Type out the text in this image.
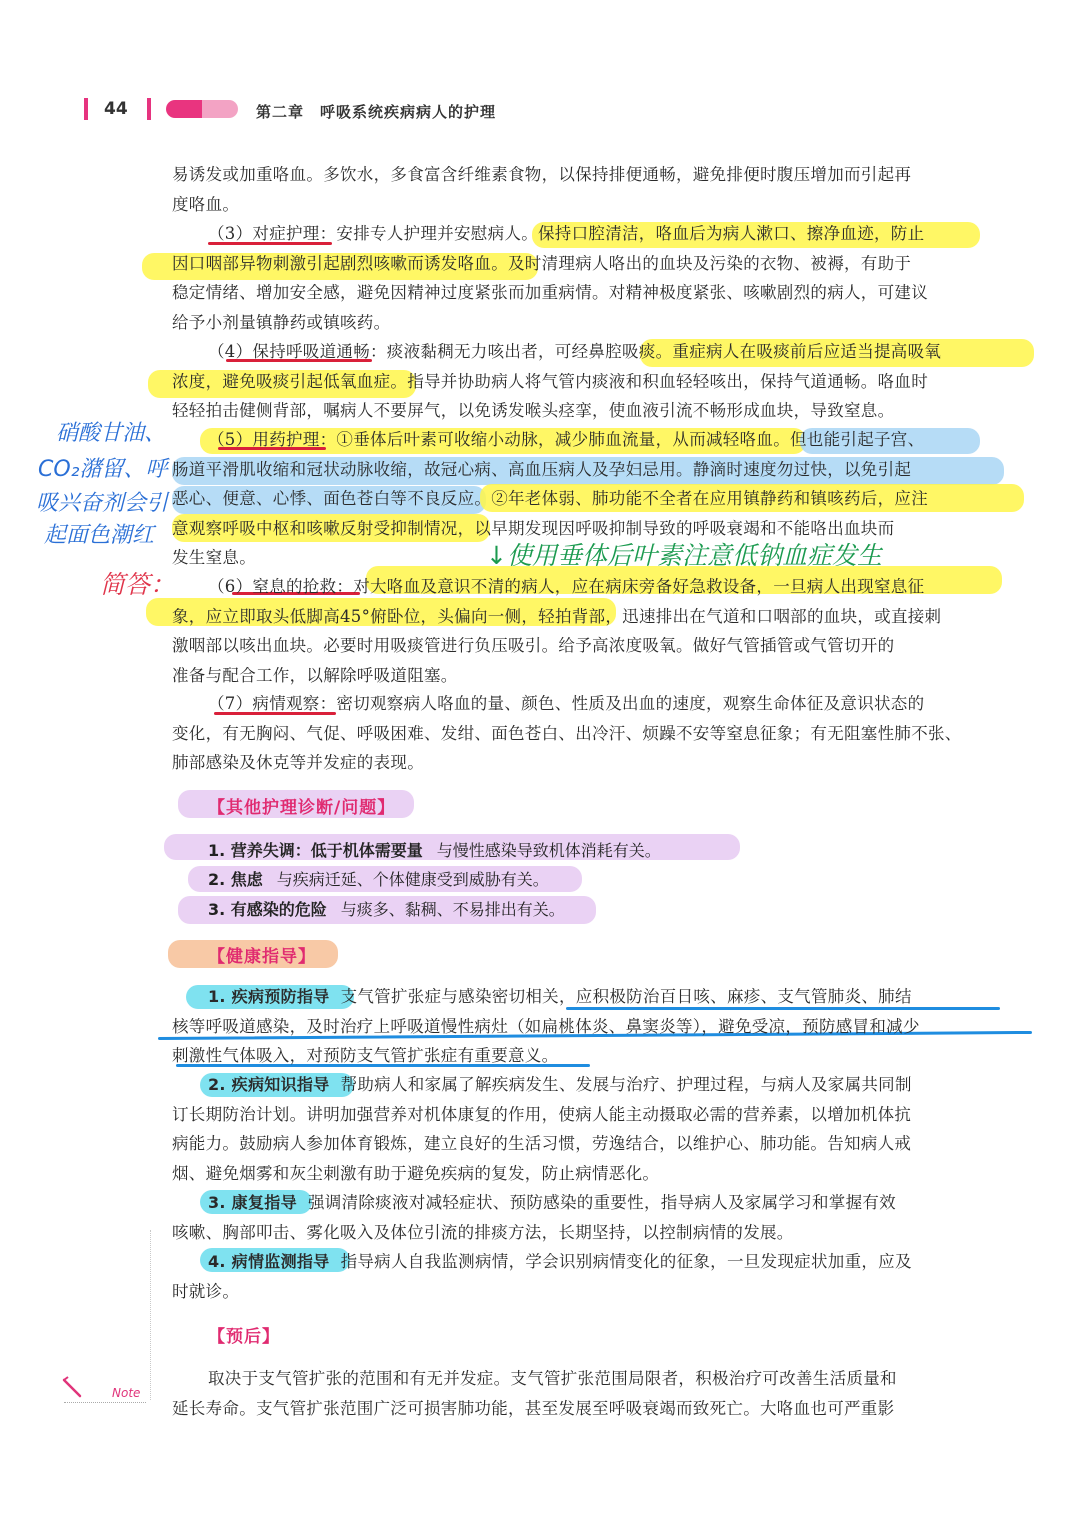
44	第二章　呼吸系统疾病病人的护理
易诱发或加重咯血。多饮水，多食富含纤维素食物，以保持排便通畅，避免排便时腹压增加而引起再
度咯血。
（3）对症护理：安排专人护理并安慰病人。保持口腔清洁，咯血后为病人漱口、擦净血迹，防止
因口咽部异物刺激引起剧烈咳嗽而诱发咯血。及时清理病人咯出的血块及污染的衣物、被褥，有助于
稳定情绪、增加安全感，避免因精神过度紧张而加重病情。对精神极度紧张、咳嗽剧烈的病人，可建议
给予小剂量镇静药或镇咳药。
（4）保持呼吸道通畅：痰液黏稠无力咳出者，可经鼻腔吸痰。重症病人在吸痰前后应适当提高吸氧
浓度，避免吸痰引起低氧血症。指导并协助病人将气管内痰液和积血轻轻咳出，保持气道通畅。咯血时
轻轻拍击健侧背部，嘱病人不要屏气，以免诱发喉头痉挛，使血液引流不畅形成血块，导致窒息。
（5）用药护理：①垂体后叶素可收缩小动脉，减少肺血流量，从而减轻咯血。但也能引起子宫、
肠道平滑肌收缩和冠状动脉收缩，故冠心病、高血压病人及孕妇忌用。静滴时速度勿过快，以免引起
恶心、便意、心悸、面色苍白等不良反应。②年老体弱、肺功能不全者在应用镇静药和镇咳药后，应注
意观察呼吸中枢和咳嗽反射受抑制情况，以早期发现因呼吸抑制导致的呼吸衰竭和不能咯出血块而
发生窒息。
（6）窒息的抢救：对大咯血及意识不清的病人，应在病床旁备好急救设备，一旦病人出现窒息征
象，应立即取头低脚高45°俯卧位，头偏向一侧，轻拍背部，迅速排出在气道和口咽部的血块，或直接刺
激咽部以咳出血块。必要时用吸痰管进行负压吸引。给予高浓度吸氧。做好气管插管或气管切开的
准备与配合工作，以解除呼吸道阻塞。
（7）病情观察：密切观察病人咯血的量、颜色、性质及出血的速度，观察生命体征及意识状态的
变化，有无胸闷、气促、呼吸困难、发绀、面色苍白、出冷汗、烦躁不安等窒息征象；有无阻塞性肺不张、
肺部感染及休克等并发症的表现。
【其他护理诊断/问题】
1. 营养失调：低于机体需要量 与慢性感染导致机体消耗有关。
2. 焦虑 与疾病迁延、个体健康受到威胁有关。
3. 有感染的危险 与痰多、黏稠、不易排出有关。
【健康指导】
1. 疾病预防指导 支气管扩张症与感染密切相关，应积极防治百日咳、麻疹、支气管肺炎、肺结
核等呼吸道感染，及时治疗上呼吸道慢性病灶（如扁桃体炎、鼻窦炎等），避免受凉，预防感冒和减少
刺激性气体吸入，对预防支气管扩张症有重要意义。
2. 疾病知识指导 帮助病人和家属了解疾病发生、发展与治疗、护理过程，与病人及家属共同制
订长期防治计划。讲明加强营养对机体康复的作用，使病人能主动摄取必需的营养素，以增加机体抗
病能力。鼓励病人参加体育锻炼，建立良好的生活习惯，劳逸结合，以维护心、肺功能。告知病人戒
烟、避免烟雾和灰尘刺激有助于避免疾病的复发，防止病情恶化。
3. 康复指导 强调清除痰液对减轻症状、预防感染的重要性，指导病人及家属学习和掌握有效
咳嗽、胸部叩击、雾化吸入及体位引流的排痰方法，长期坚持，以控制病情的发展。
4. 病情监测指导 指导病人自我监测病情，学会识别病情变化的征象，一旦发现症状加重，应及
时就诊。
【预后】
取决于支气管扩张的范围和有无并发症。支气管扩张范围局限者，积极治疗可改善生活质量和
延长寿命。支气管扩张范围广泛可损害肺功能，甚至发展至呼吸衰竭而致死亡。大咯血也可严重影
硝酸甘油、
CO₂潴留、呼
吸兴奋剂会引
起面色潮红
↓使用垂体后叶素注意低钠血症发生
简答：
Note
